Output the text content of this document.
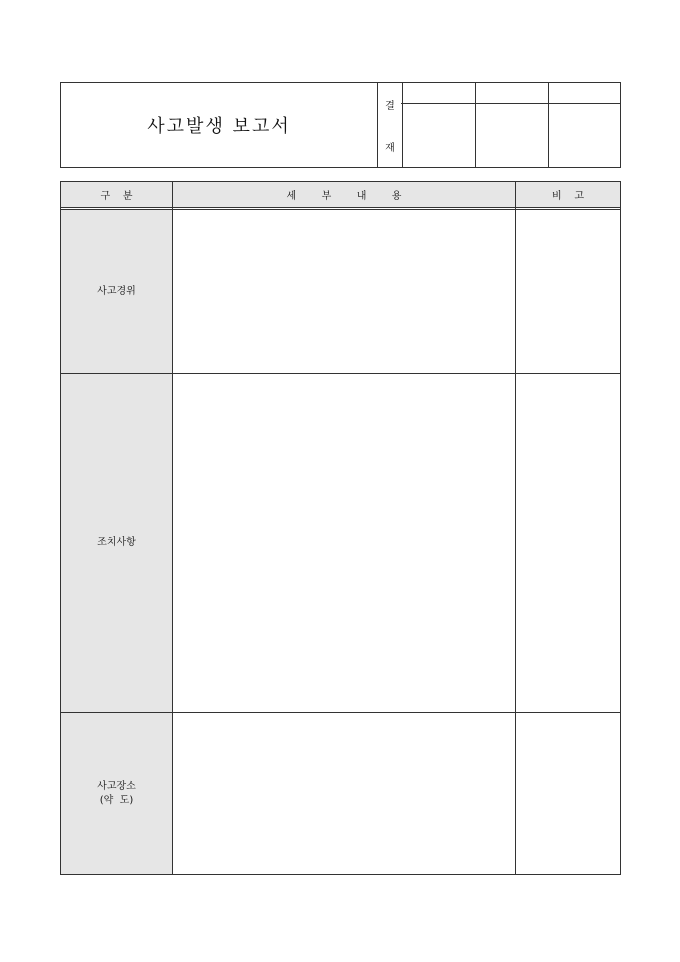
사고발생 보고서
결
재
구    분	세        부        내        용	비    고
사고경위
조치사항
사고장소
(약  도)
